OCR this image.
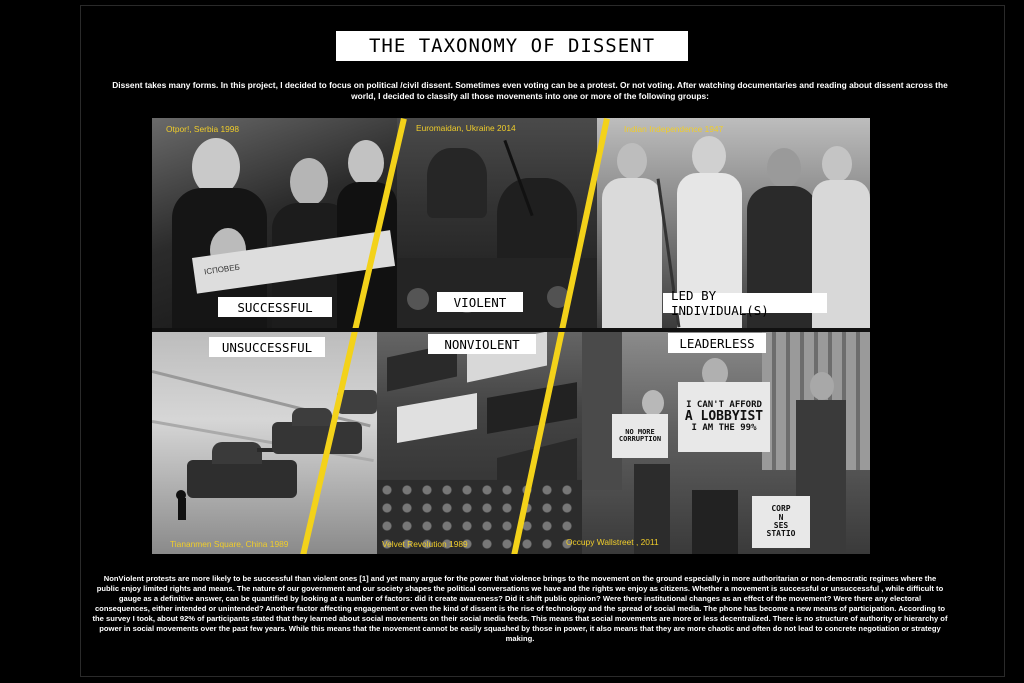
THE TAXONOMY OF DISSENT
Dissent takes many forms. In this project, I decided to focus on political /civil dissent. Sometimes even voting can be a protest. Or not voting. After watching documentaries and reading about dissent across the world, I decided to classify all those movements into one or more of the following groups:
ІСПОВЕБ
NO MORE
CORRUPTION
I CAN'T AFFORD
A LOBBYIST
I AM THE 99%
CORP
N
SES
STATIO
SUCCESSFUL	VIOLENT	LED BY INDIVIDUAL(S)
UNSUCCESSFUL	NONVIOLENT	LEADERLESS
Otpor!, Serbia 1998	Euromaidan, Ukraine 2014	Indian Independence 1947
Tiananmen Square, China 1989	Velvet Revolution 1989	Occupy Wallstreet , 2011
NonViolent protests are more likely to be successful than violent ones [1] and yet many argue for the power that violence brings to the movement on the ground especially in more authoritarian or non-democratic regimes where the public enjoy limited rights and means. The nature of our government and our society shapes the political conversations we have and the rights we enjoy as citizens. Whether a movement is successful or unsuccessful , while difficult to gauge as a definitive answer, can be quantified by looking at a number of factors: did it create awareness? Did it shift public opinion? Were there institutional changes as an effect of the movement? Were there any electoral consequences, either intended or unintended? Another factor affecting engagement or even the kind of dissent is the rise of technology and the spread of social media. The phone has become a new means of participation. According to the survey I took, about 92% of participants stated that they learned about social movements on their social media feeds. This means that social movements are more or less decentralized. There is no structure of authority or hierarchy of power in social movements over the past few years. While this means that the movement cannot be easily squashed by those in power, it also means that they are more chaotic and often do not lead to concrete negotiation or strategy making.
